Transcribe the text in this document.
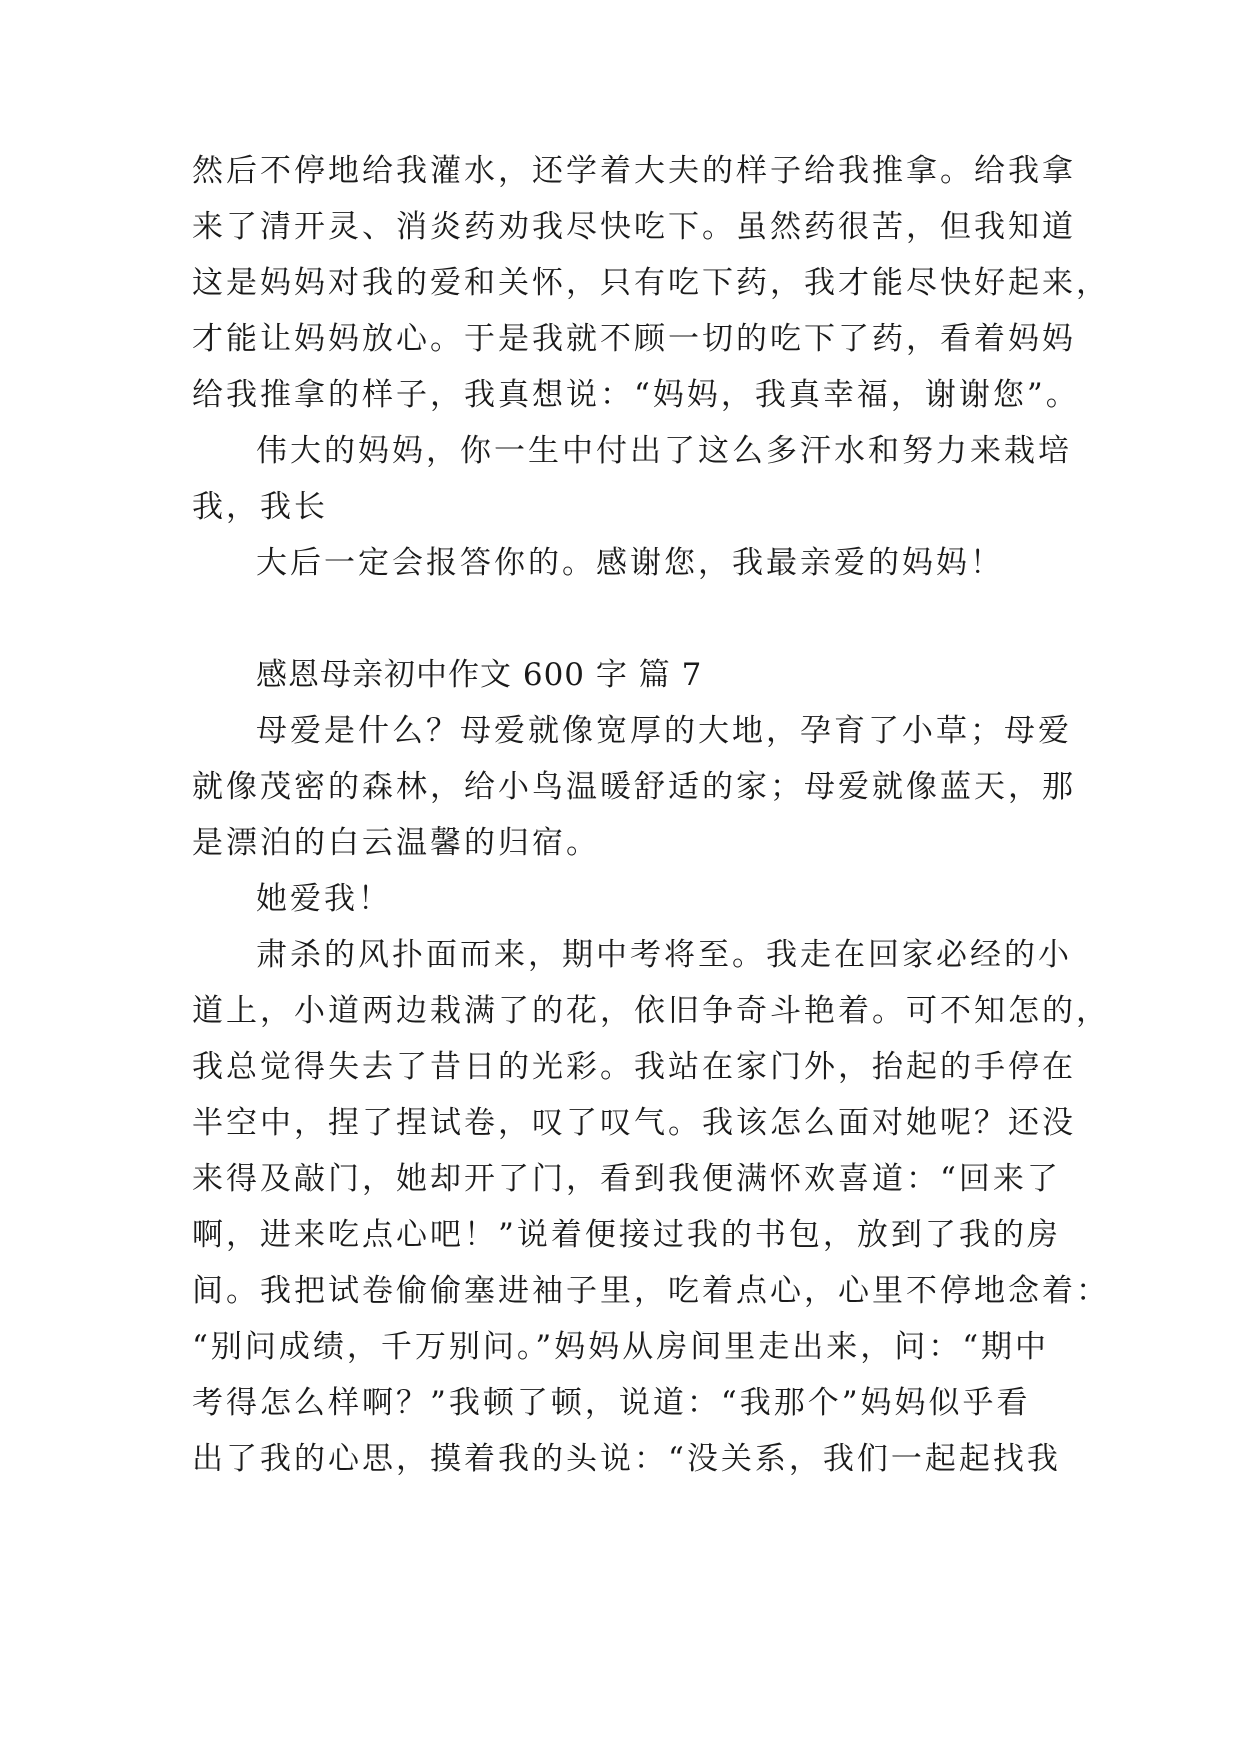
然后不停地给我灌水，还学着大夫的样子给我推拿。给我拿
来了清开灵、消炎药劝我尽快吃下。虽然药很苦，但我知道
这是妈妈对我的爱和关怀，只有吃下药，我才能尽快好起来，
才能让妈妈放心。于是我就不顾一切的吃下了药，看着妈妈
给我推拿的样子，我真想说：“妈妈，我真幸福，谢谢您”。
伟大的妈妈，你一生中付出了这么多汗水和努力来栽培
我，我长
大后一定会报答你的。感谢您，我最亲爱的妈妈！
感恩母亲初中作文 600 字 篇 7
母爱是什么？母爱就像宽厚的大地，孕育了小草；母爱
就像茂密的森林，给小鸟温暖舒适的家；母爱就像蓝天，那
是漂泊的白云温馨的归宿。
她爱我！
肃杀的风扑面而来，期中考将至。我走在回家必经的小
道上，小道两边栽满了的花，依旧争奇斗艳着。可不知怎的，
我总觉得失去了昔日的光彩。我站在家门外，抬起的手停在
半空中，捏了捏试卷，叹了叹气。我该怎么面对她呢？还没
来得及敲门，她却开了门，看到我便满怀欢喜道：“回来了
啊，进来吃点心吧！”说着便接过我的书包，放到了我的房
间。我把试卷偷偷塞进袖子里，吃着点心，心里不停地念着：
“别问成绩，千万别问。”妈妈从房间里走出来，问：“期中
考得怎么样啊？”我顿了顿，说道：“我那个”妈妈似乎看
出了我的心思，摸着我的头说：“没关系，我们一起起找我
